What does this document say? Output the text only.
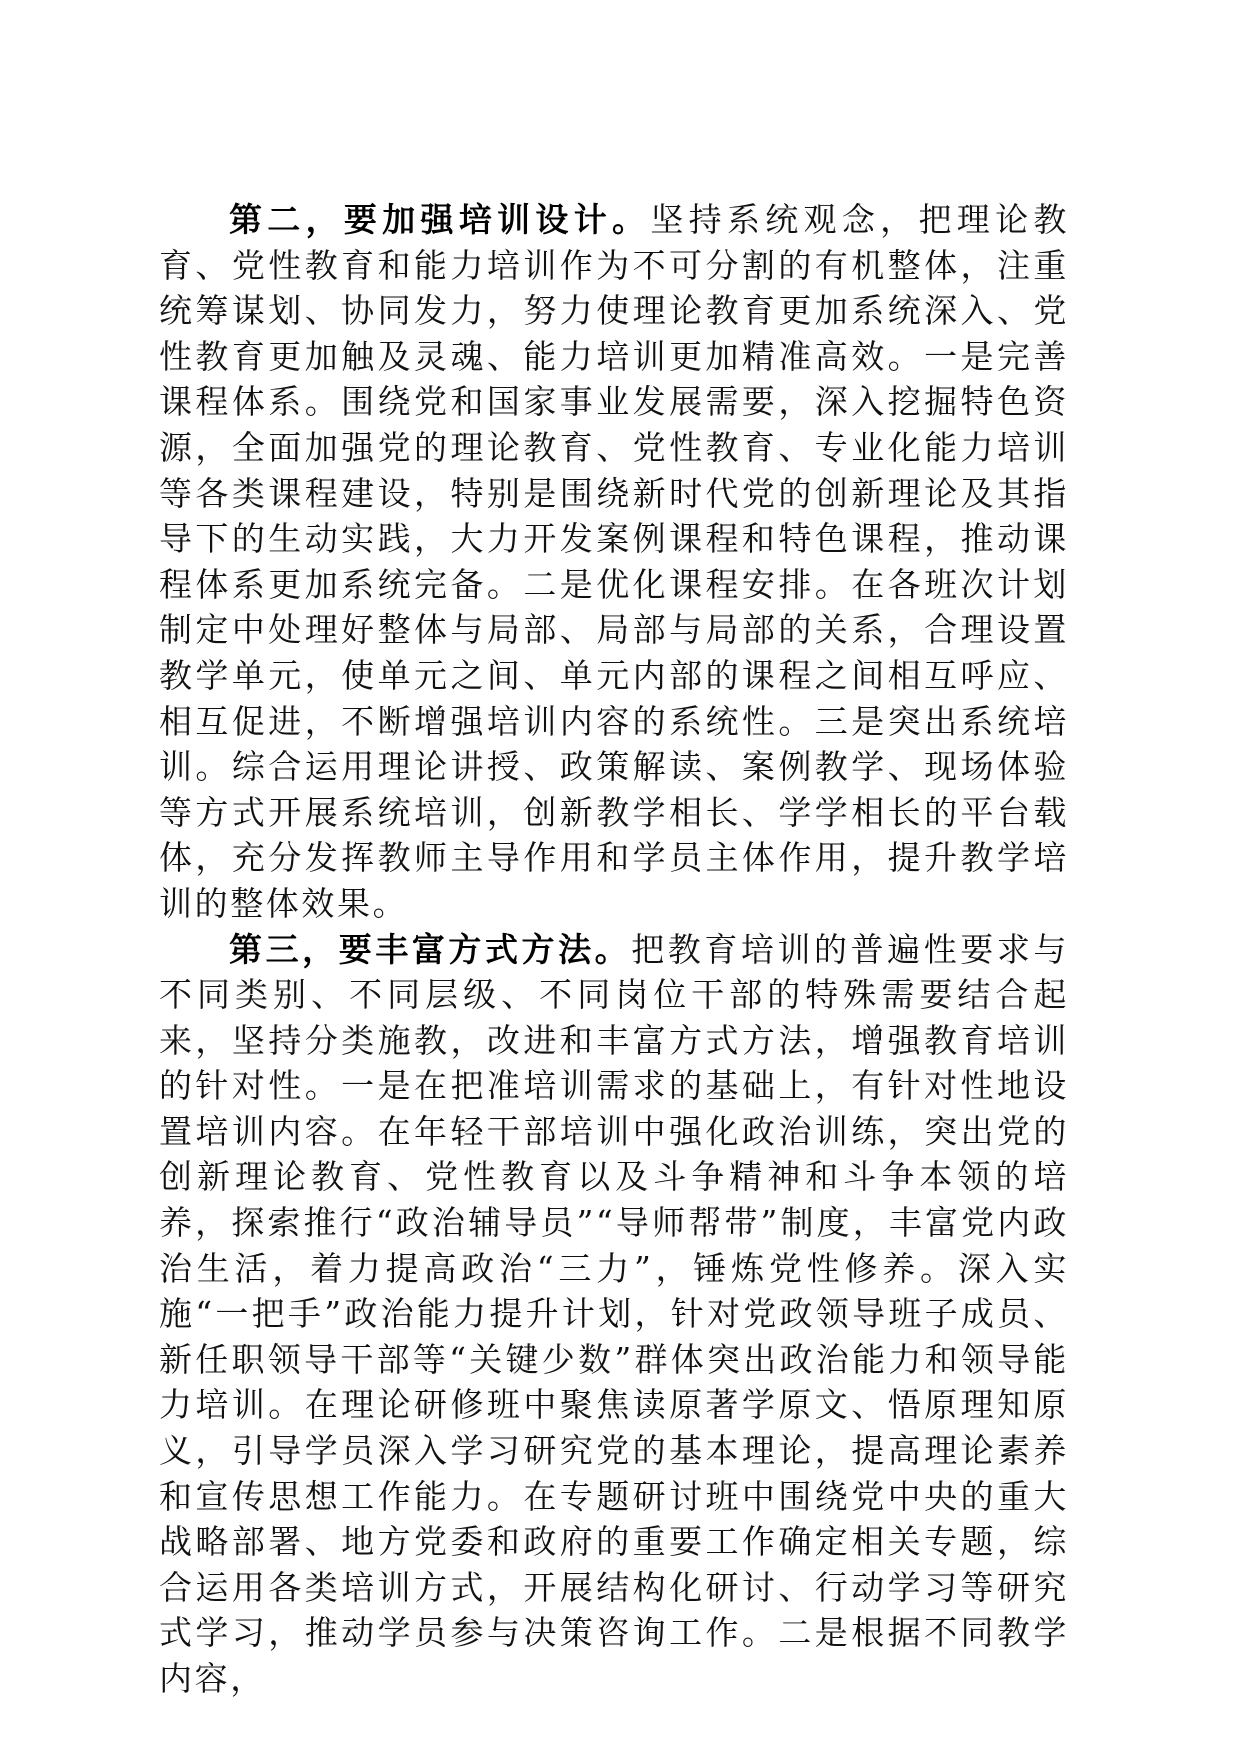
第二，要加强培训设计。坚持系统观念，把理论教育、党性教育和能力培训作为不可分割的有机整体，注重统筹谋划、协同发力，努力使理论教育更加系统深入、党性教育更加触及灵魂、能力培训更加精准高效。一是完善课程体系。围绕党和国家事业发展需要，深入挖掘特色资源，全面加强党的理论教育、党性教育、专业化能力培训等各类课程建设，特别是围绕新时代党的创新理论及其指导下的生动实践，大力开发案例课程和特色课程，推动课程体系更加系统完备。二是优化课程安排。在各班次计划制定中处理好整体与局部、局部与局部的关系，合理设置教学单元，使单元之间、单元内部的课程之间相互呼应、相互促进，不断增强培训内容的系统性。三是突出系统培训。综合运用理论讲授、政策解读、案例教学、现场体验等方式开展系统培训，创新教学相长、学学相长的平台载体，充分发挥教师主导作用和学员主体作用，提升教学培训的整体效果。

第三，要丰富方式方法。把教育培训的普遍性要求与不同类别、不同层级、不同岗位干部的特殊需要结合起来，坚持分类施教，改进和丰富方式方法，增强教育培训的针对性。一是在把准培训需求的基础上，有针对性地设置培训内容。在年轻干部培训中强化政治训练，突出党的创新理论教育、党性教育以及斗争精神和斗争本领的培养，探索推行“政治辅导员”“导师帮带”制度，丰富党内政治生活，着力提高政治“三力”，锤炼党性修养。深入实施“一把手”政治能力提升计划，针对党政领导班子成员、新任职领导干部等“关键少数”群体突出政治能力和领导能力培训。在理论研修班中聚焦读原著学原文、悟原理知原义，引导学员深入学习研究党的基本理论，提高理论素养和宣传思想工作能力。在专题研讨班中围绕党中央的重大战略部署、地方党委和政府的重要工作确定相关专题，综合运用各类培训方式，开展结构化研讨、行动学习等研究式学习，推动学员参与决策咨询工作。二是根据不同教学内容，
